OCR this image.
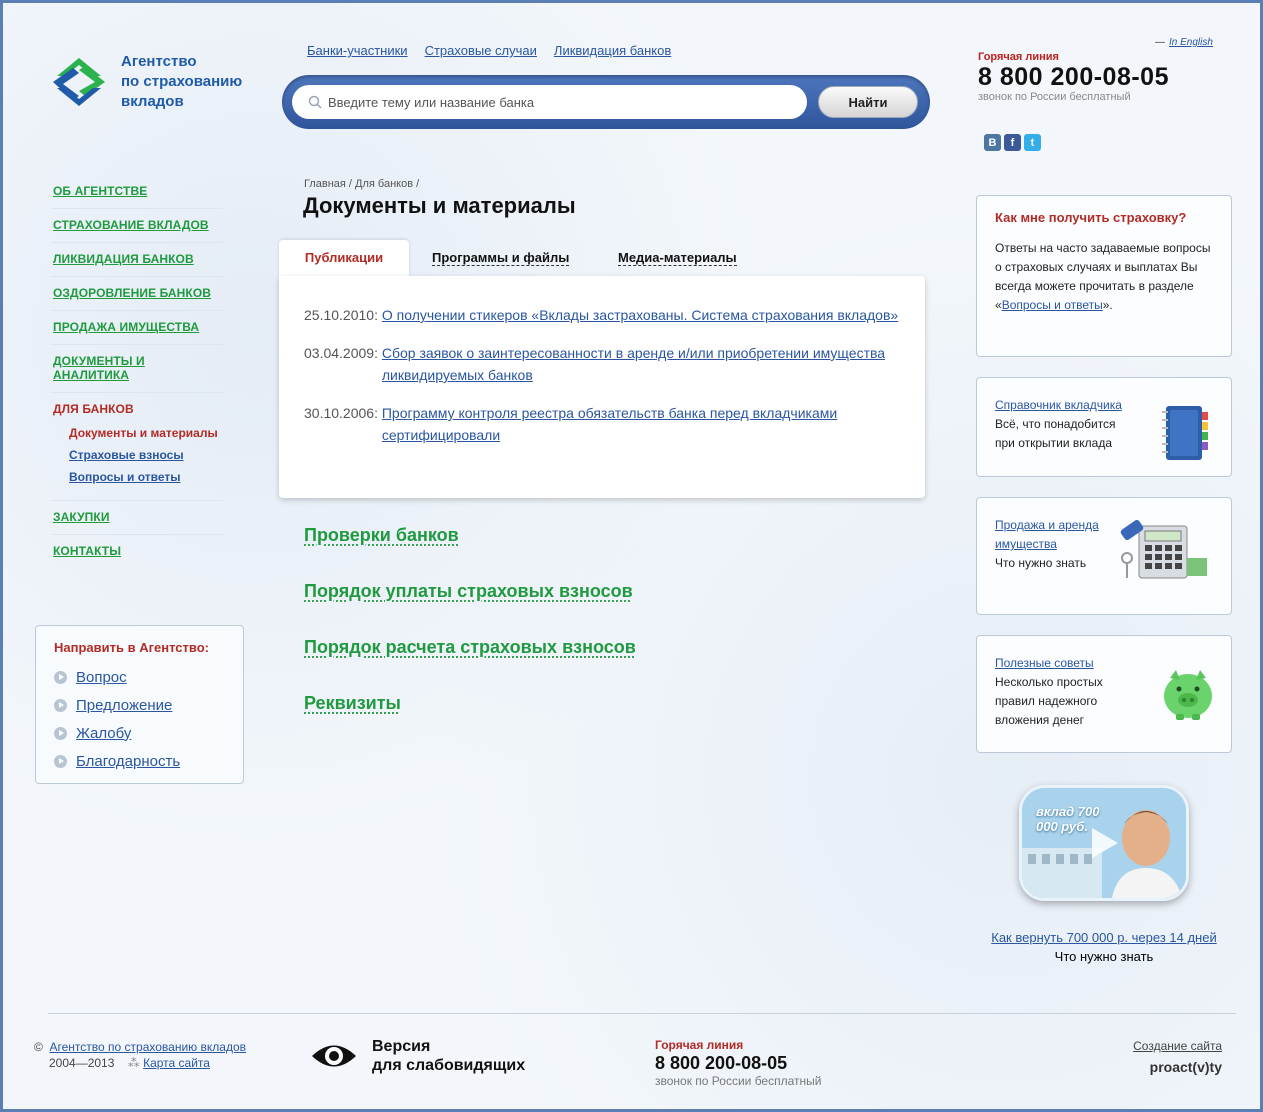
Агентство
по страхованию
вкладов
Банки-участники Страховые случаи Ликвидация банков
Введите тему или название банка	Найти
— In English
Горячая линия
8 800 200-08-05
звонок по России бесплатный
В	f	t
ОБ АГЕНТСТВЕ
СТРАХОВАНИЕ ВКЛАДОВ
ЛИКВИДАЦИЯ БАНКОВ
ОЗДОРОВЛЕНИЕ БАНКОВ
ПРОДАЖА ИМУЩЕСТВА
ДОКУМЕНТЫ И АНАЛИТИКА
ДЛЯ БАНКОВ
Документы и материалы
Страховые взносы
Вопросы и ответы
ЗАКУПКИ
КОНТАКТЫ
Направить в Агентство:
Вопрос
Предложение
Жалобу
Благодарность
Главная / Для банков /
Документы и материалы
Публикации	Программы и файлы	Медиа-материалы
25.10.2010:
О получении стикеров «Вклады застрахованы. Система страхования вкладов»
03.04.2009:
Сбор заявок о заинтересованности в аренде и/или приобретении имущества ликвидируемых банков
30.10.2006:
Программу контроля реестра обязательств банка перед вкладчиками сертифицировали
Проверки банков
Порядок уплаты страховых взносов
Порядок расчета страховых взносов
Реквизиты
Как мне получить страховку?
Ответы на часто задаваемые вопросы о страховых случаях и выплатах Вы всегда можете прочитать в разделе «Вопросы и ответы».
Справочник вкладчика
Всё, что понадобится при открытии вклада
Продажа и аренда имущества
Что нужно знать
Полезные советы
Несколько простых правил надежного вложения денег
вклад 700 000 руб.
Как вернуть 700 000 р. через 14 дней
Что нужно знать
© Агентство по страхованию вкладов
2004—2013 ⁂ Карта сайта
Версия
для слабовидящих
Горячая линия
8 800 200-08-05
звонок по России бесплатный
Создание сайта
proact(v)ty
